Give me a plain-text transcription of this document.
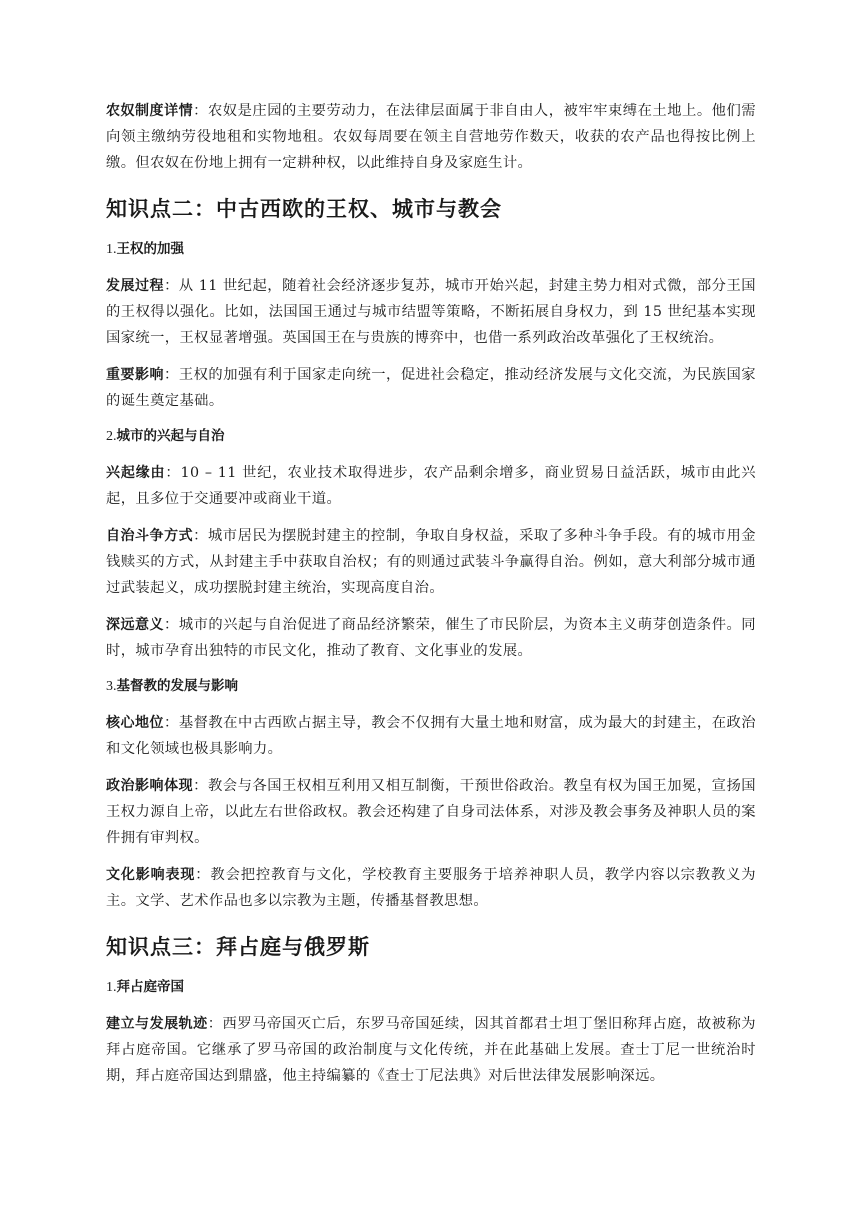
农奴制度详情：农奴是庄园的主要劳动力，在法律层面属于非自由人，被牢牢束缚在土地上。他们需向领主缴纳劳役地租和实物地租。农奴每周要在领主自营地劳作数天，收获的农产品也得按比例上缴。但农奴在份地上拥有一定耕种权，以此维持自身及家庭生计。

知识点二：中古西欧的王权、城市与教会
1.王权的加强

发展过程：从 11 世纪起，随着社会经济逐步复苏，城市开始兴起，封建主势力相对式微，部分王国的王权得以强化。比如，法国国王通过与城市结盟等策略，不断拓展自身权力，到 15 世纪基本实现国家统一，王权显著增强。英国国王在与贵族的博弈中，也借一系列政治改革强化了王权统治。

重要影响：王权的加强有利于国家走向统一，促进社会稳定，推动经济发展与文化交流，为民族国家的诞生奠定基础。

2.城市的兴起与自治

兴起缘由：10 – 11 世纪，农业技术取得进步，农产品剩余增多，商业贸易日益活跃，城市由此兴起，且多位于交通要冲或商业干道。

自治斗争方式：城市居民为摆脱封建主的控制，争取自身权益，采取了多种斗争手段。有的城市用金钱赎买的方式，从封建主手中获取自治权；有的则通过武装斗争赢得自治。例如，意大利部分城市通过武装起义，成功摆脱封建主统治，实现高度自治。

深远意义：城市的兴起与自治促进了商品经济繁荣，催生了市民阶层，为资本主义萌芽创造条件。同时，城市孕育出独特的市民文化，推动了教育、文化事业的发展。

3.基督教的发展与影响

核心地位：基督教在中古西欧占据主导，教会不仅拥有大量土地和财富，成为最大的封建主，在政治和文化领域也极具影响力。

政治影响体现：教会与各国王权相互利用又相互制衡，干预世俗政治。教皇有权为国王加冕，宣扬国王权力源自上帝，以此左右世俗政权。教会还构建了自身司法体系，对涉及教会事务及神职人员的案件拥有审判权。

文化影响表现：教会把控教育与文化，学校教育主要服务于培养神职人员，教学内容以宗教教义为主。文学、艺术作品也多以宗教为主题，传播基督教思想。

知识点三：拜占庭与俄罗斯
1.拜占庭帝国

建立与发展轨迹：西罗马帝国灭亡后，东罗马帝国延续，因其首都君士坦丁堡旧称拜占庭，故被称为拜占庭帝国。它继承了罗马帝国的政治制度与文化传统，并在此基础上发展。查士丁尼一世统治时期，拜占庭帝国达到鼎盛，他主持编纂的《查士丁尼法典》对后世法律发展影响深远。
